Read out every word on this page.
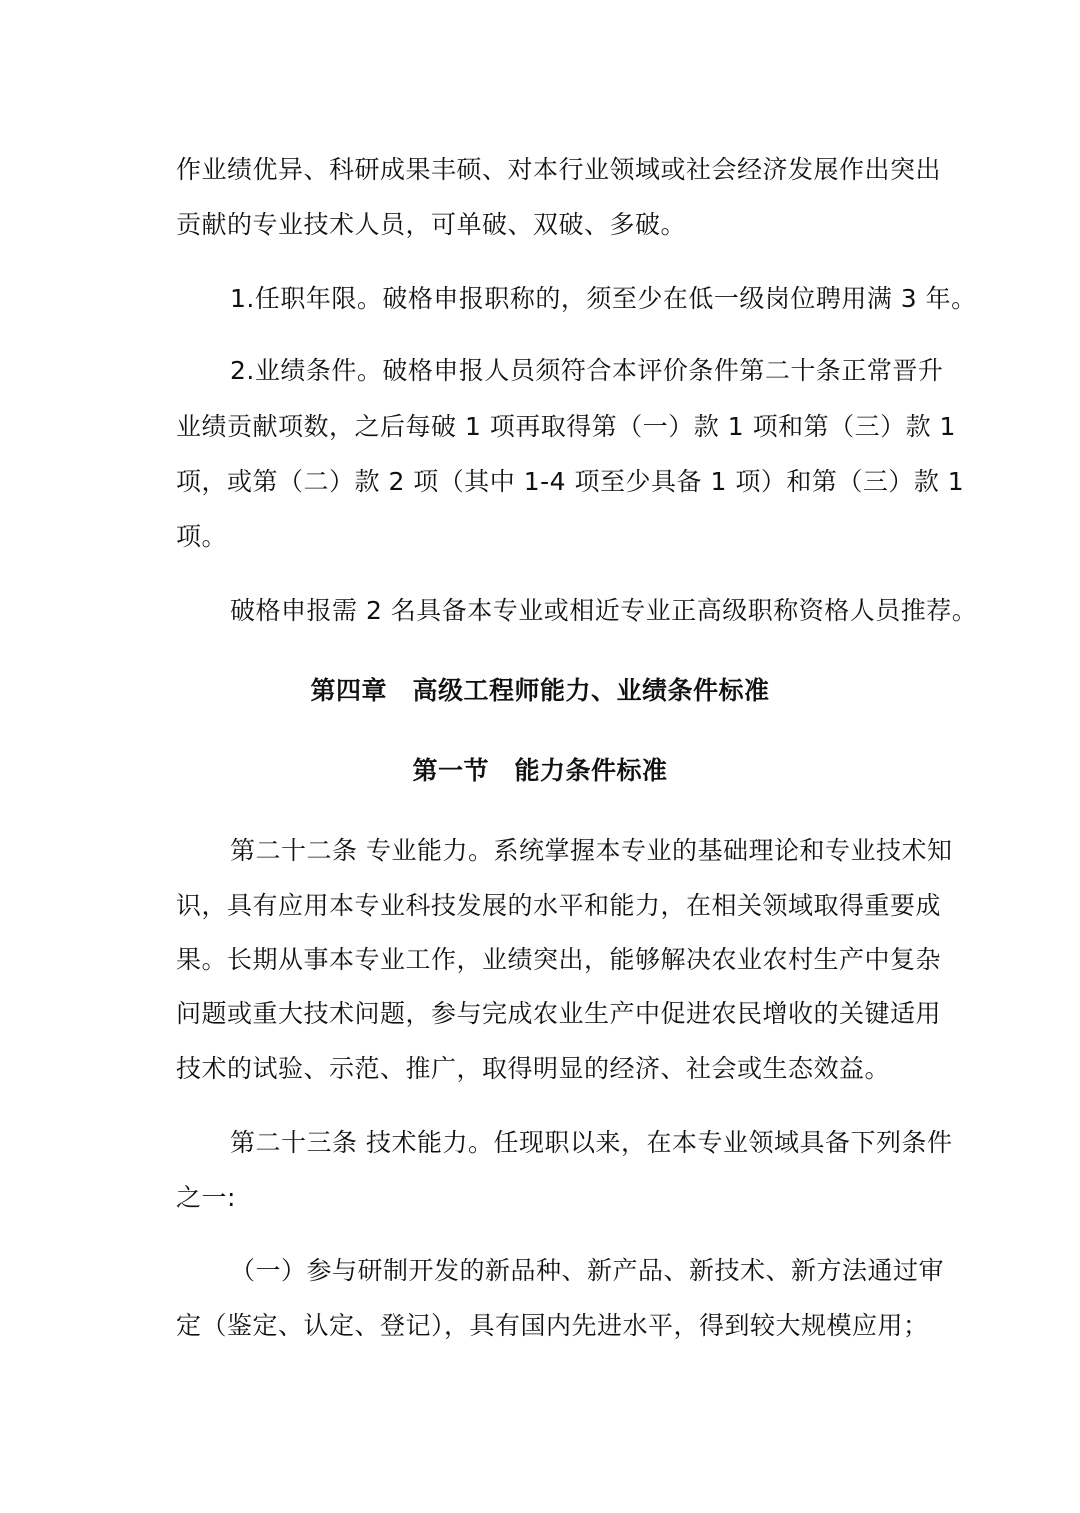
作业绩优异、科研成果丰硕、对本行业领域或社会经济发展作出突出
贡献的专业技术人员，可单破、双破、多破。
1.任职年限。破格申报职称的，须至少在低一级岗位聘用满 3 年。
2.业绩条件。破格申报人员须符合本评价条件第二十条正常晋升
业绩贡献项数，之后每破 1 项再取得第（一）款 1 项和第（三）款 1
项，或第（二）款 2 项（其中 1-4 项至少具备 1 项）和第（三）款 1
项。
破格申报需 2 名具备本专业或相近专业正高级职称资格人员推荐。
第四章　高级工程师能力、业绩条件标准
第一节　能力条件标准
第二十二条 专业能力。系统掌握本专业的基础理论和专业技术知
识，具有应用本专业科技发展的水平和能力，在相关领域取得重要成
果。长期从事本专业工作，业绩突出，能够解决农业农村生产中复杂
问题或重大技术问题，参与完成农业生产中促进农民增收的关键适用
技术的试验、示范、推广，取得明显的经济、社会或生态效益。
第二十三条 技术能力。任现职以来，在本专业领域具备下列条件
之一:
（一）参与研制开发的新品种、新产品、新技术、新方法通过审
定（鉴定、认定、登记），具有国内先进水平，得到较大规模应用；
